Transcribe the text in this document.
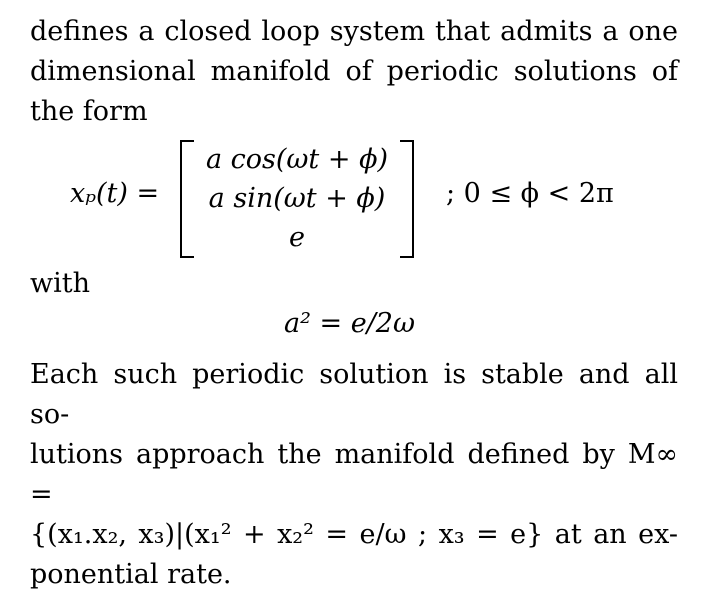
defines a closed loop system that admits a one
dimensional manifold of periodic solutions of
the form
xₚ(t) =
a cos(ωt + ϕ)
a sin(ωt + ϕ)
e
; 0 ≤ ϕ < 2π
with
a² = e/2ω
Each such periodic solution is stable and all so-
lutions approach the manifold defined by M∞ =
{(x₁.x₂, x₃)|(x₁² + x₂² = e/ω ; x₃ = e} at an ex-
ponential rate.
